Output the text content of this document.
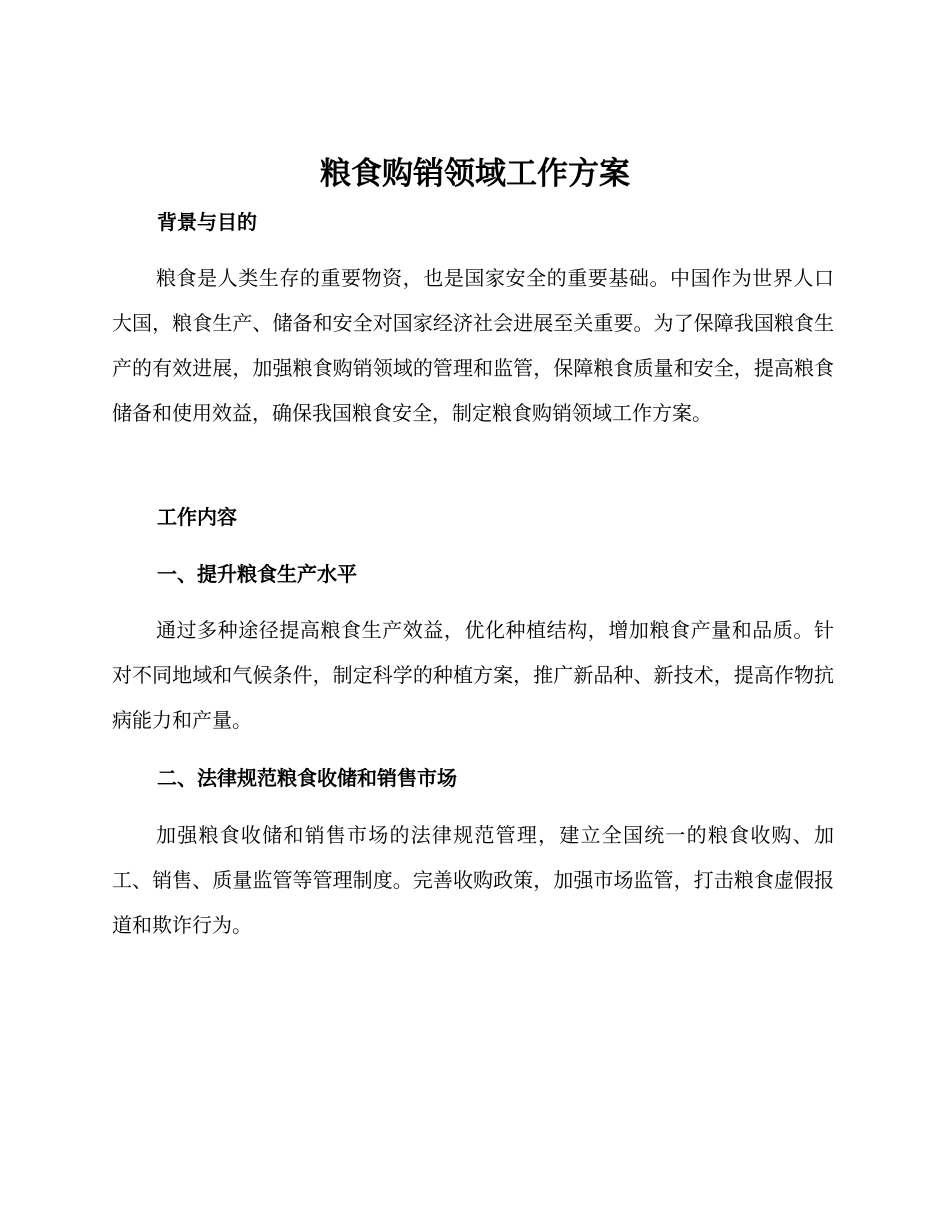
粮食购销领域工作方案
背景与目的

粮食是人类生存的重要物资，也是国家安全的重要基础。中国作为世界人口大国，粮食生产、储备和安全对国家经济社会进展至关重要。为了保障我国粮食生产的有效进展，加强粮食购销领域的管理和监管，保障粮食质量和安全，提高粮食储备和使用效益，确保我国粮食安全，制定粮食购销领域工作方案。

工作内容
一、提升粮食生产水平

通过多种途径提高粮食生产效益，优化种植结构，增加粮食产量和品质。针对不同地域和气候条件，制定科学的种植方案，推广新品种、新技术，提高作物抗病能力和产量。

二、法律规范粮食收储和销售市场

加强粮食收储和销售市场的法律规范管理，建立全国统一的粮食收购、加工、销售、质量监管等管理制度。完善收购政策，加强市场监管，打击粮食虚假报道和欺诈行为。
